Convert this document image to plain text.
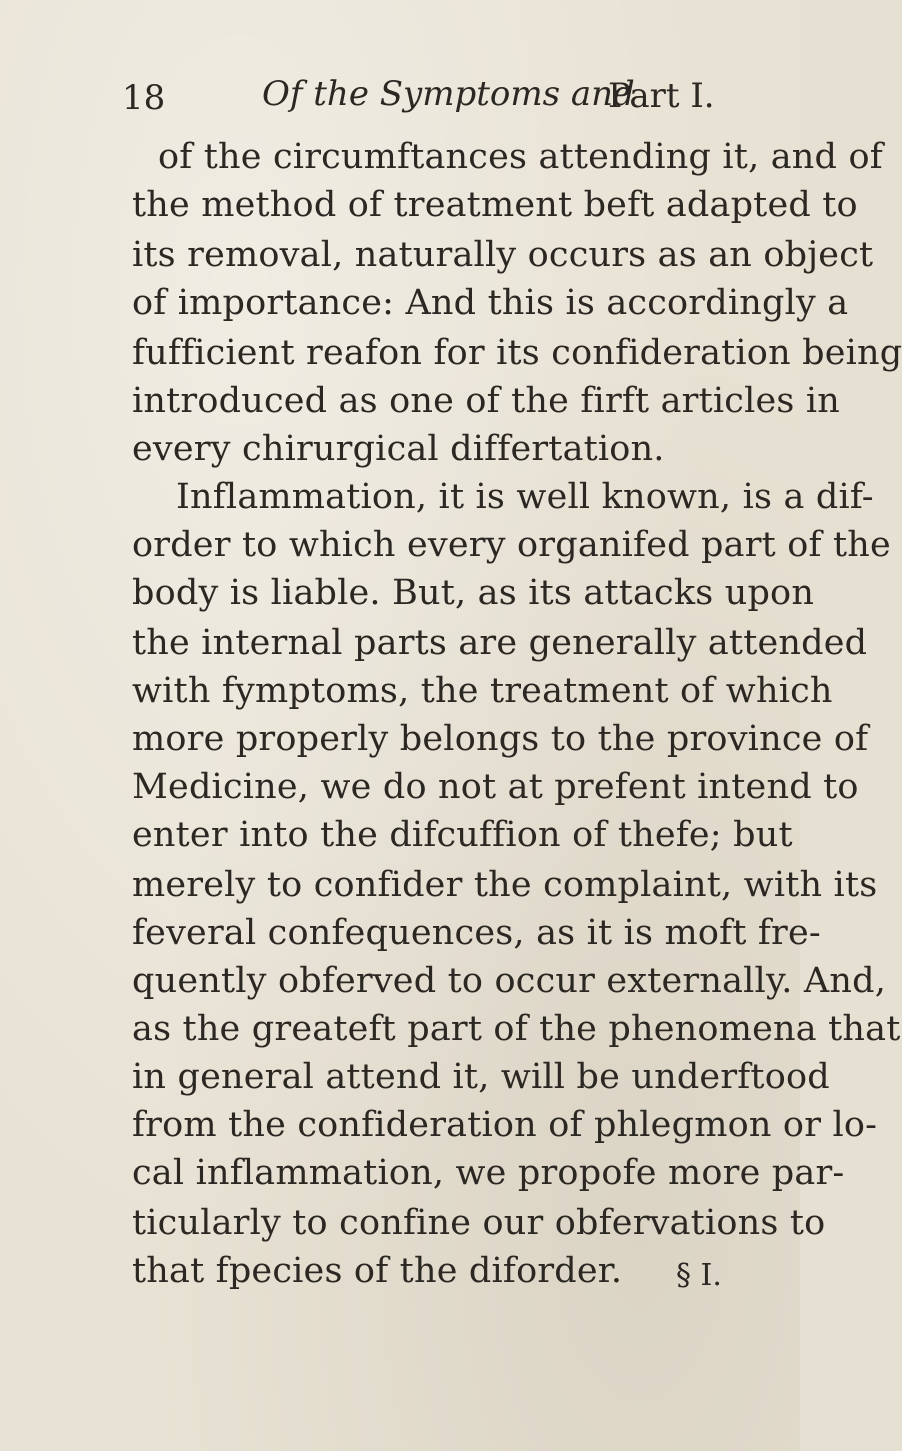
18	Of the Symptoms and
Part I.
of the circumftances attending it, and of
the method of treatment beft adapted to
its removal, naturally occurs as an object
of importance: And this is accordingly a
fufficient reafon for its confideration being
introduced as one of the firft articles in
every chirurgical differtation.
Inflammation, it is well known, is a dif-
order to which every organifed part of the
body is liable. But, as its attacks upon
the internal parts are generally attended
with fymptoms, the treatment of which
more properly belongs to the province of
Medicine, we do not at prefent intend to
enter into the difcuffion of thefe; but
merely to confider the complaint, with its
feveral confequences, as it is moft fre-
quently obferved to occur externally. And,
as the greateft part of the phenomena that
in general attend it, will be underftood
from the confideration of phlegmon or lo-
cal inflammation, we propofe more par-
ticularly to confine our obfervations to
that fpecies of the diforder. § I.
